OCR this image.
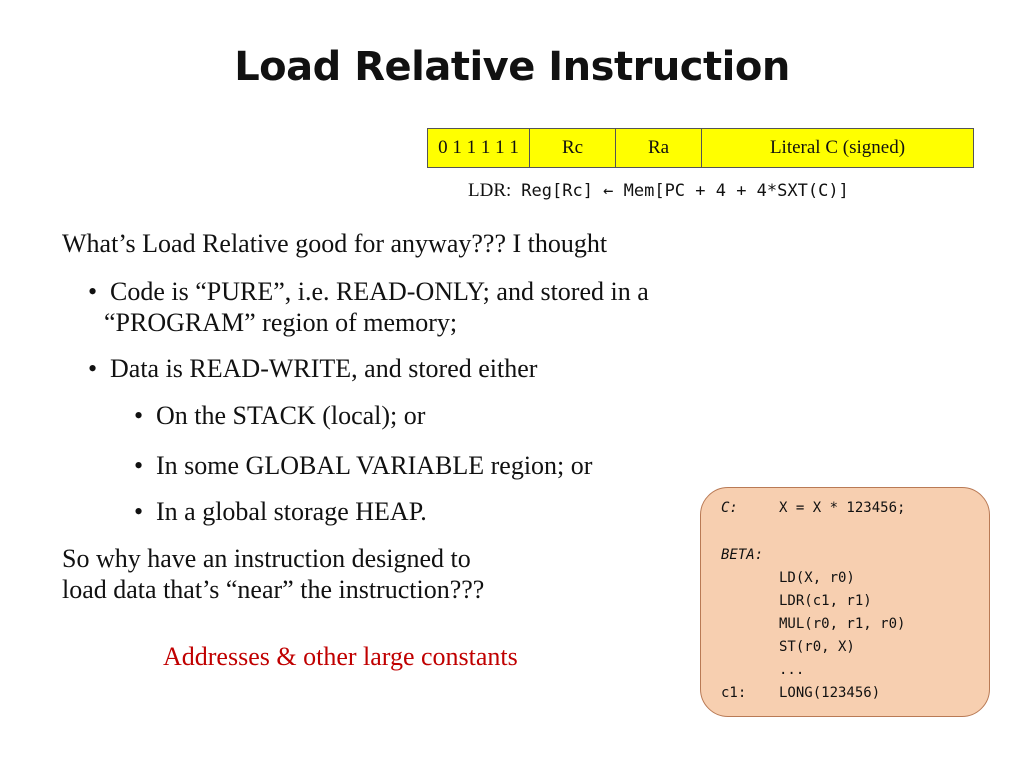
Load Relative Instruction
0 1 1 1 1 1	Rc	Ra	Literal C (signed)
LDR: Reg[Rc] ← Mem[PC + 4 + 4*SXT(C)]
What’s Load Relative good for anyway??? I thought
• Code is “PURE”, i.e. READ-ONLY; and stored in a
“PROGRAM” region of memory;
• Data is READ-WRITE, and stored either
• On the STACK (local); or
• In some GLOBAL VARIABLE region; or
• In a global storage HEAP.
So why have an instruction designed to
load data that’s “near” the instruction???
Addresses & other large constants
C:	X = X * 123456;
BETA:
LD(X, r0)
LDR(c1, r1)
MUL(r0, r1, r0)
ST(r0, X)
...
c1: LONG(123456)
